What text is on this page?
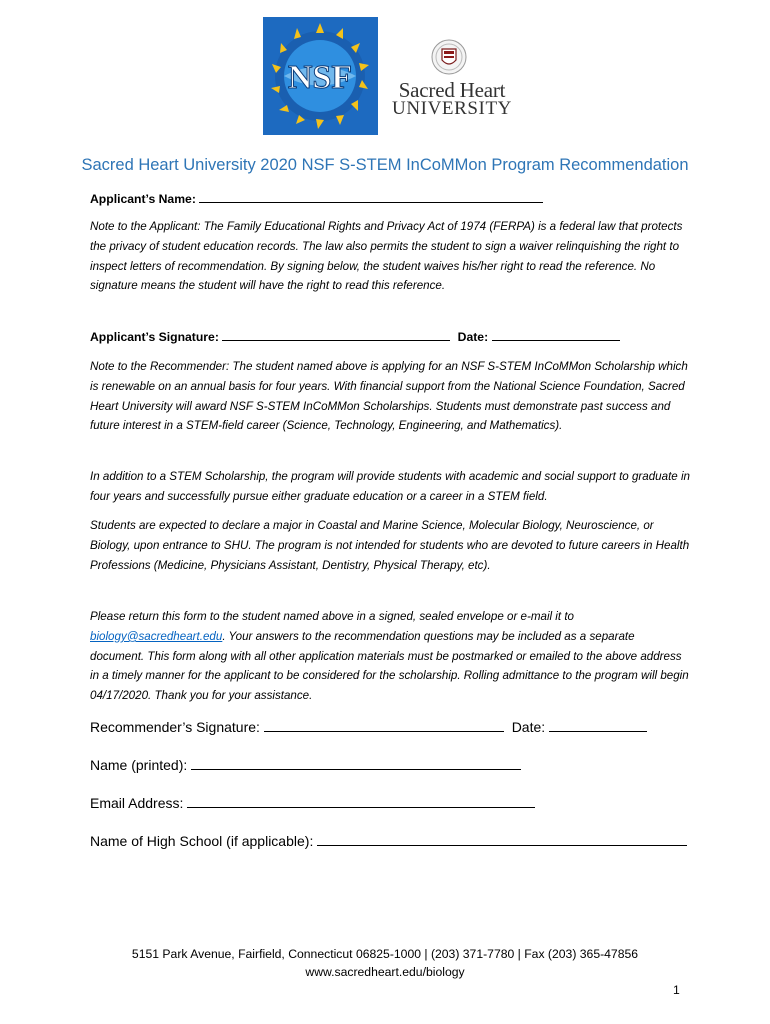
NSF	Sacred Heart
UNIVERSITY
Sacred Heart University 2020 NSF S-STEM InCoMMon Program Recommendation
Applicant’s Name:
Note to the Applicant: The Family Educational Rights and Privacy Act of 1974 (FERPA) is a federal law that protects the privacy of student education records. The law also permits the student to sign a waiver relinquishing the right to inspect letters of recommendation. By signing below, the student waives his/her right to read the reference. No signature means the student will have the right to read this reference.
Applicant’s Signature:	Date:
Note to the Recommender: The student named above is applying for an NSF S-STEM InCoMMon Scholarship which is renewable on an annual basis for four years. With financial support from the National Science Foundation, Sacred Heart University will award NSF S-STEM InCoMMon Scholarships. Students must demonstrate past success and future interest in a STEM-field career (Science, Technology, Engineering, and Mathematics).
In addition to a STEM Scholarship, the program will provide students with academic and social support to graduate in four years and successfully pursue either graduate education or a career in a STEM field.
Students are expected to declare a major in Coastal and Marine Science, Molecular Biology, Neuroscience, or Biology, upon entrance to SHU. The program is not intended for students who are devoted to future careers in Health Professions (Medicine, Physicians Assistant, Dentistry, Physical Therapy, etc).
Please return this form to the student named above in a signed, sealed envelope or e-mail it to biology@sacredheart.edu. Your answers to the recommendation questions may be included as a separate document. This form along with all other application materials must be postmarked or emailed to the above address in a timely manner for the applicant to be considered for the scholarship. Rolling admittance to the program will begin 04/17/2020. Thank you for your assistance.
Recommender’s Signature:	Date:
Name (printed):
Email Address:
Name of High School (if applicable):
5151 Park Avenue, Fairfield, Connecticut 06825-1000 | (203) 371-7780 | Fax (203) 365-47856
www.sacredheart.edu/biology
1
